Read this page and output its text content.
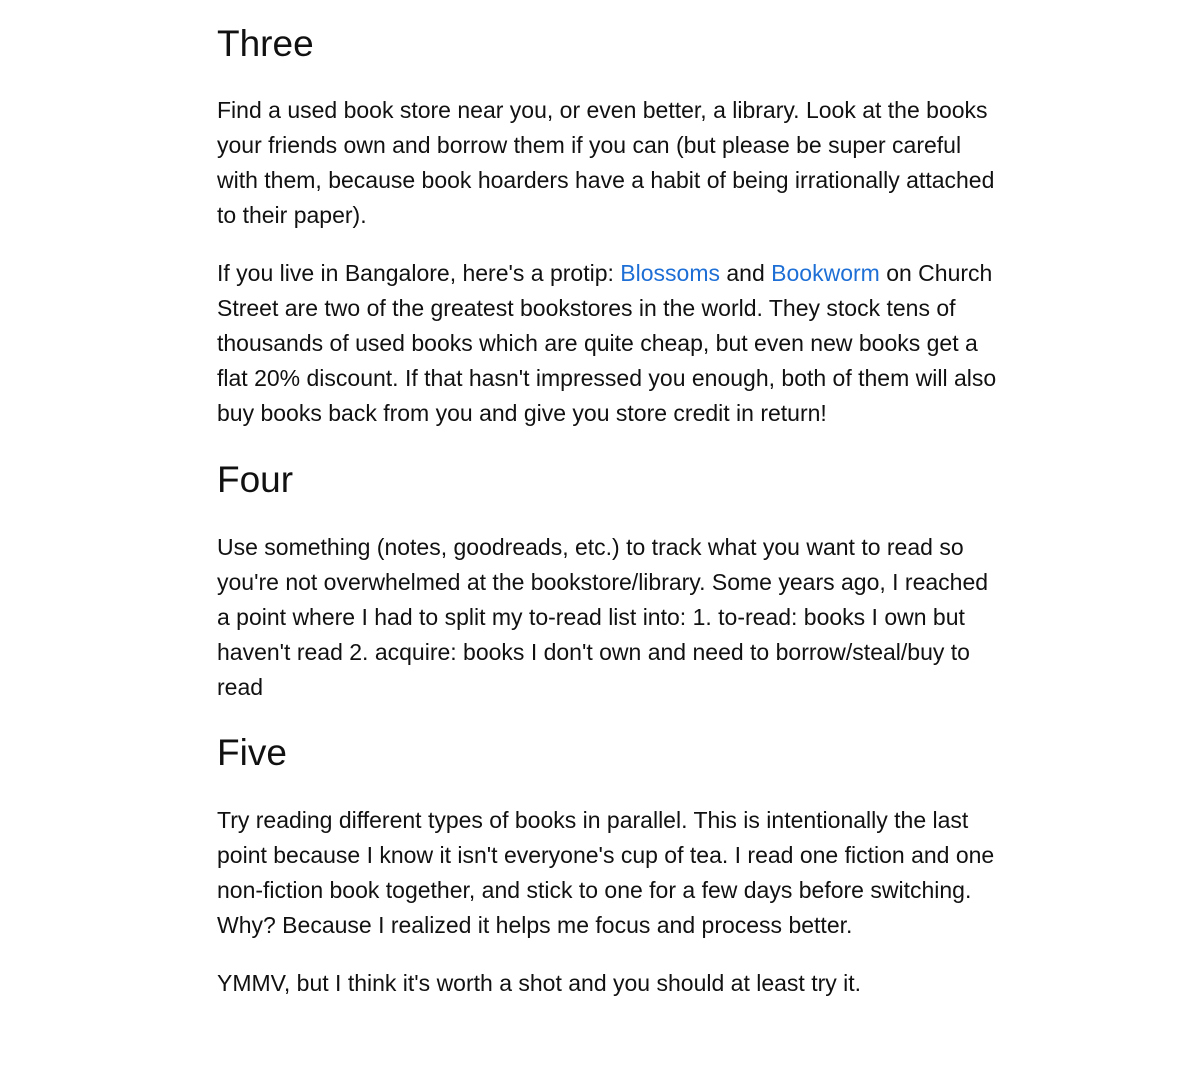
Three

Find a used book store near you, or even better, a library. Look at the books
your friends own and borrow them if you can (but please be super careful
with them, because book hoarders have a habit of being irrationally attached
to their paper).

If you live in Bangalore, here's a protip: Blossoms and Bookworm on Church
Street are two of the greatest bookstores in the world. They stock tens of
thousands of used books which are quite cheap, but even new books get a
flat 20% discount. If that hasn't impressed you enough, both of them will also
buy books back from you and give you store credit in return!

Four

Use something (notes, goodreads, etc.) to track what you want to read so
you're not overwhelmed at the bookstore/library. Some years ago, I reached
a point where I had to split my to-read list into: 1. to-read: books I own but
haven't read 2. acquire: books I don't own and need to borrow/steal/buy to
read

Five

Try reading different types of books in parallel. This is intentionally the last
point because I know it isn't everyone's cup of tea. I read one fiction and one
non-fiction book together, and stick to one for a few days before switching.
Why? Because I realized it helps me focus and process better.

YMMV, but I think it's worth a shot and you should at least try it.
